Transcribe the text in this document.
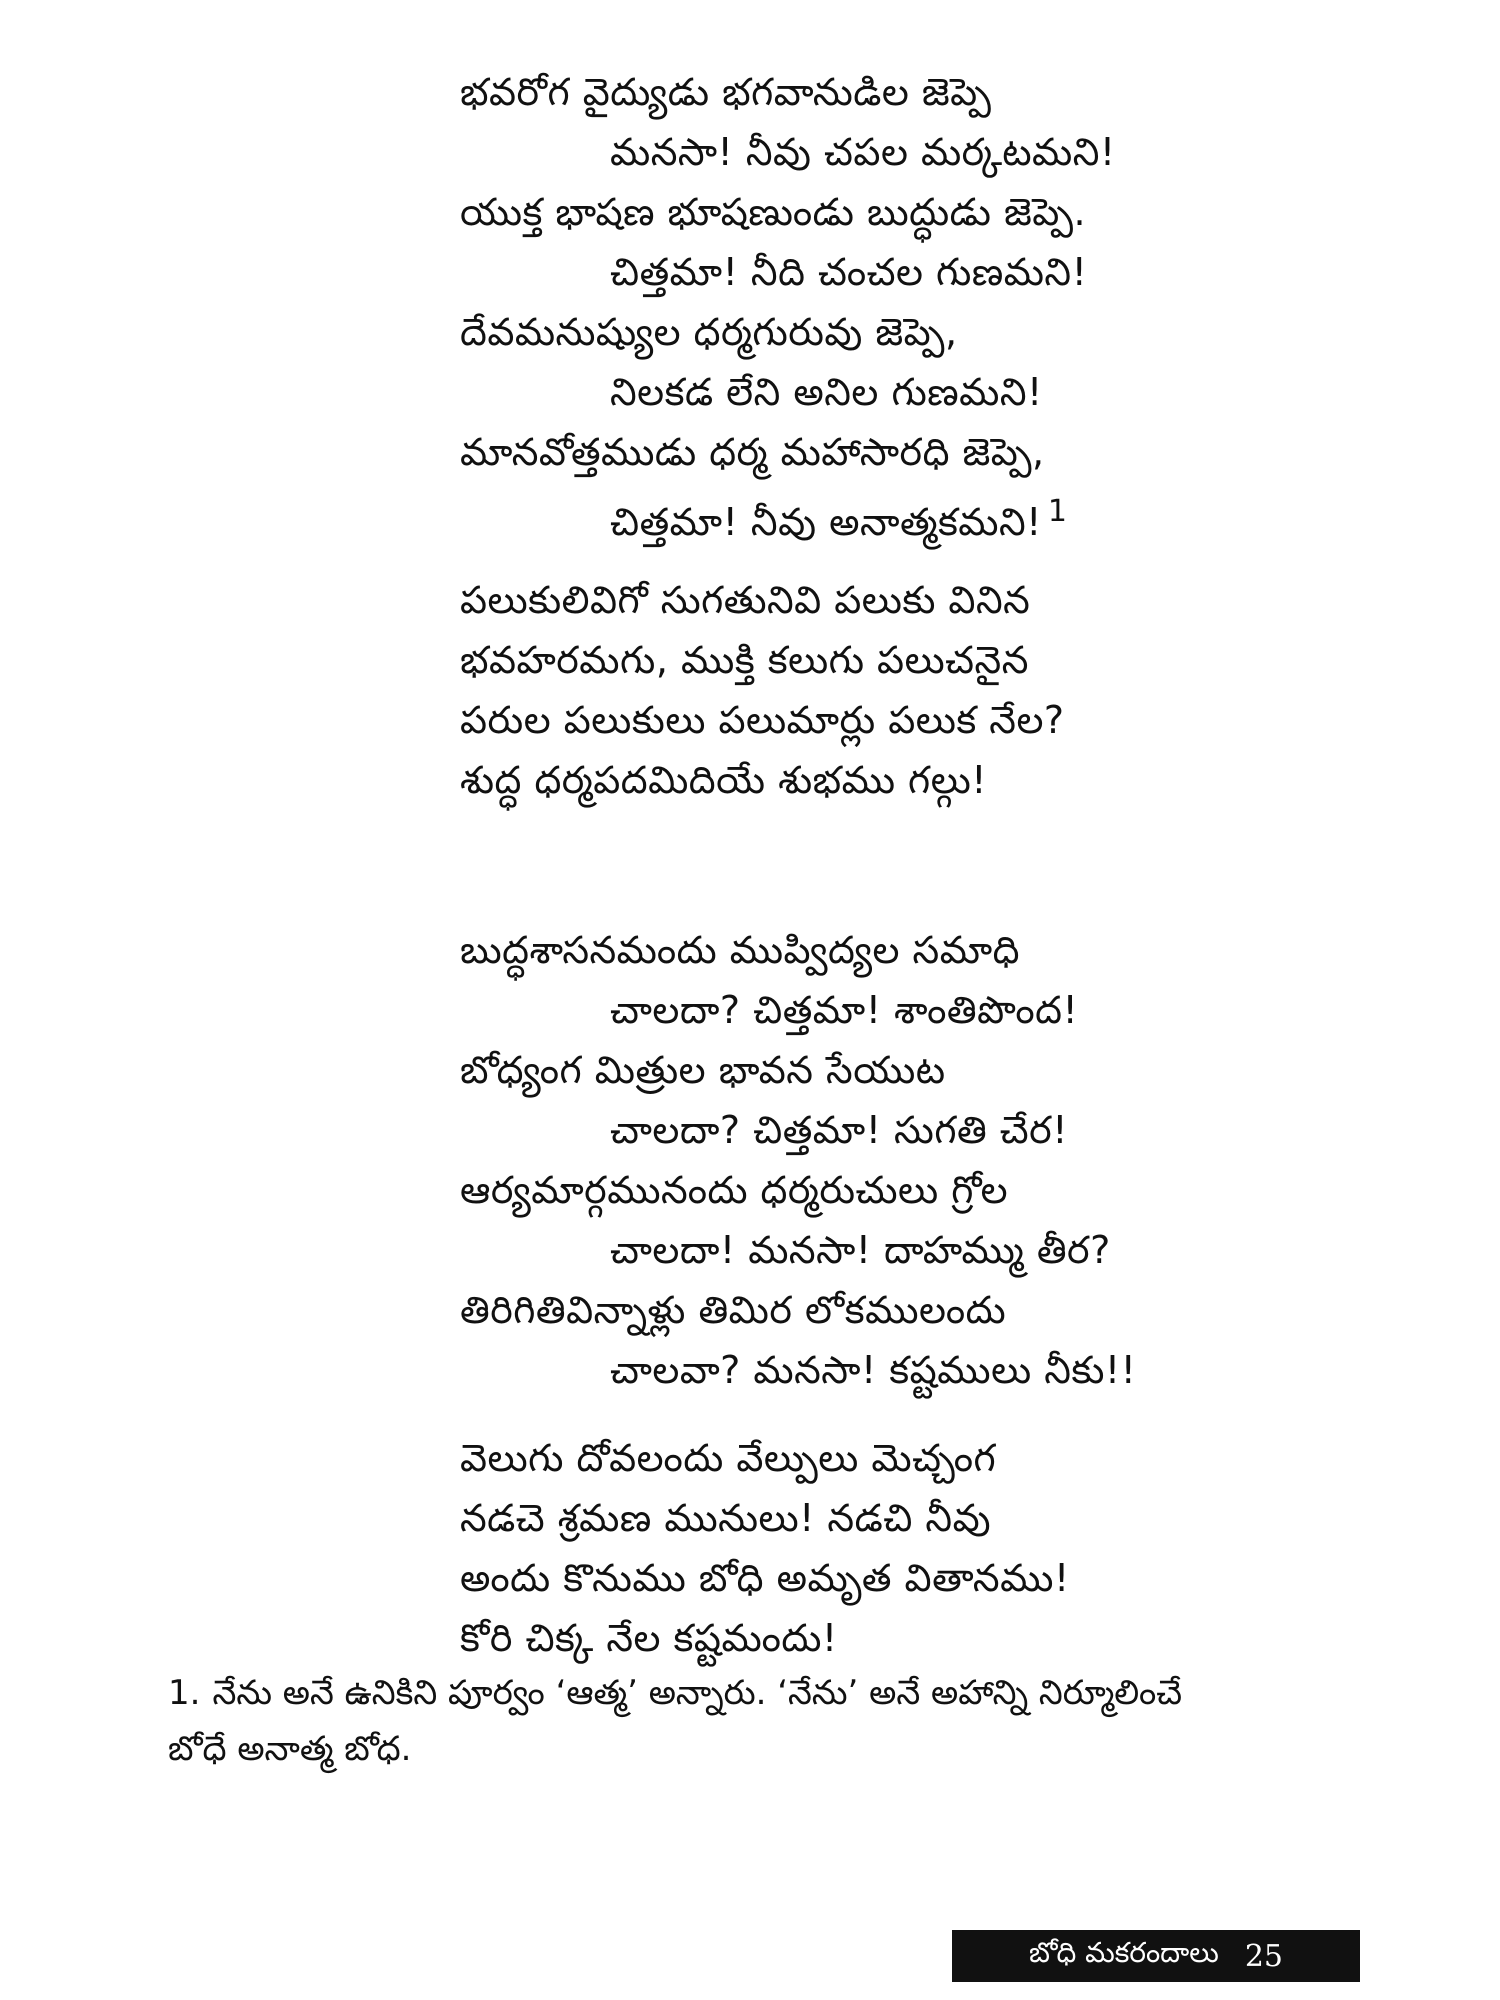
భవరోగ వైద్యుడు భగవానుడిల జెప్పె
మనసా! నీవు చపల మర్కటమని!
యుక్త భాషణ భూషణుండు బుద్ధుడు జెప్పె.
చిత్తమా! నీది చంచల గుణమని!
దేవమనుష్యుల ధర్మగురువు జెప్పె,
నిలకడ లేని అనిల గుణమని!
మానవోత్తముడు ధర్మ మహాసారధి జెప్పె,
చిత్తమా! నీవు అనాత్మకమని! $^1$
పలుకులివిగో సుగతునివి పలుకు వినిన
భవహరమగు, ముక్తి కలుగు పలుచనైన
పరుల పలుకులు పలుమార్లు పలుక నేల?
శుద్ధ ధర్మపదమిదియే శుభము గల్గు!
బుద్ధశాసనమందు ముప్విద్యల సమాధి
చాలదా? చిత్తమా! శాంతిపొంద!
బోధ్యంగ మిత్రుల భావన సేయుట
చాలదా? చిత్తమా! సుగతి చేర!
ఆర్యమార్గమునందు ధర్మరుచులు గ్రోల
చాలదా! మనసా! దాహమ్ము తీర?
తిరిగితివిన్నాళ్లు తిమిర లోకములందు
చాలవా? మనసా! కష్టములు నీకు!!
వెలుగు దోవలందు వేల్పులు మెచ్చంగ
నడచె శ్రమణ మునులు! నడచి నీవు
అందు కొనుము బోధి అమృత వితానము!
కోరి చిక్క నేల కష్టమందు!
1. నేను అనే ఉనికిని పూర్వం ‘ఆత్మ’ అన్నారు. ‘నేను’ అనే అహాన్ని నిర్మూలించే
బోధే అనాత్మ బోధ.
బోధి మకరందాలు 25
